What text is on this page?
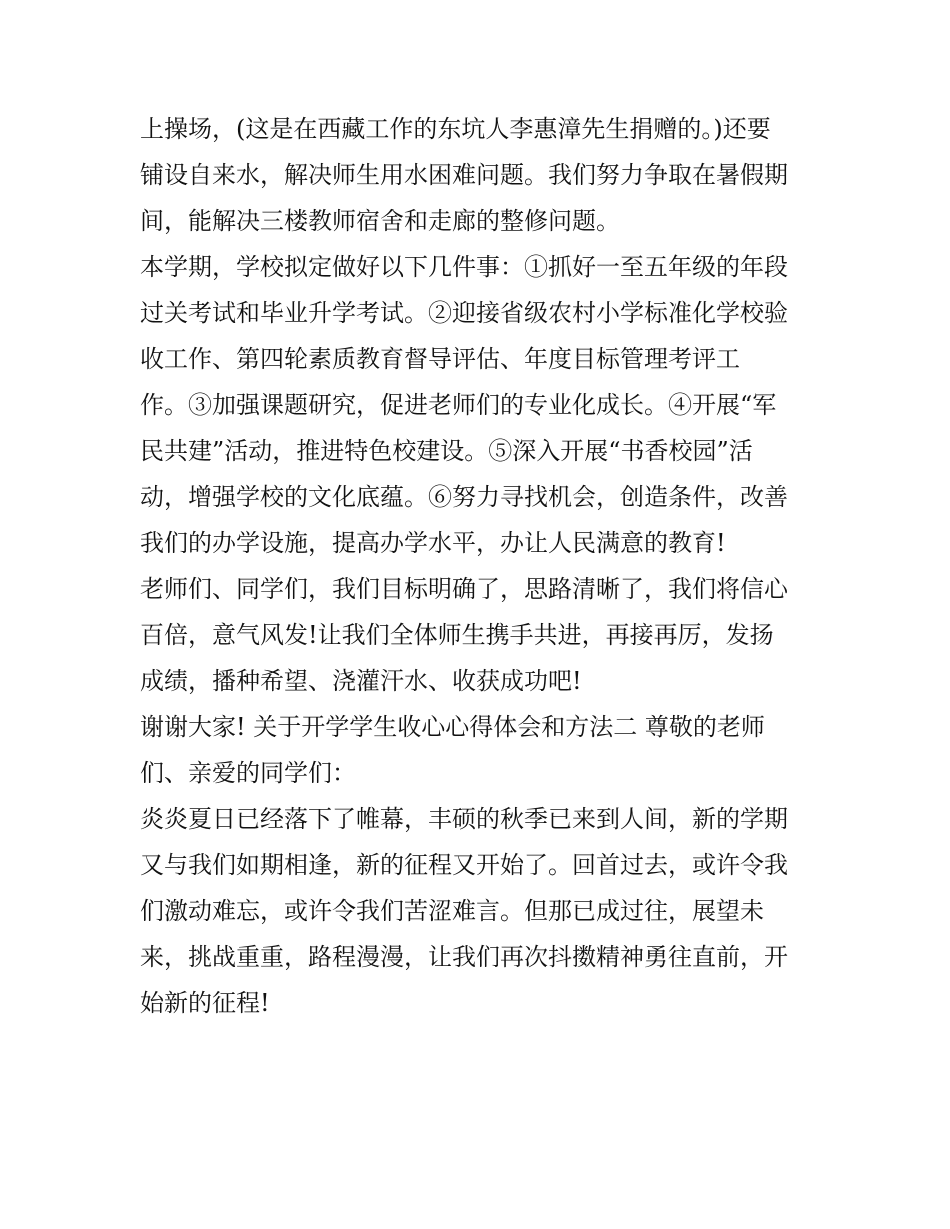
上操场，(这是在西藏工作的东坑人李惠漳先生捐赠的。)还要
铺设自来水，解决师生用水困难问题。我们努力争取在暑假期
间，能解决三楼教师宿舍和走廊的整修问题。
本学期，学校拟定做好以下几件事：①抓好一至五年级的年段
过关考试和毕业升学考试。②迎接省级农村小学标准化学校验
收工作、第四轮素质教育督导评估、年度目标管理考评工
作。③加强课题研究，促进老师们的专业化成长。④开展“军
民共建”活动，推进特色校建设。⑤深入开展“书香校园”活
动，增强学校的文化底蕴。⑥努力寻找机会，创造条件，改善
我们的办学设施，提高办学水平，办让人民满意的教育!
老师们、同学们，我们目标明确了，思路清晰了，我们将信心
百倍，意气风发!让我们全体师生携手共进，再接再厉，发扬
成绩，播种希望、浇灌汗水、收获成功吧!
谢谢大家! 关于开学学生收心心得体会和方法二 尊敬的老师
们、亲爱的同学们：
炎炎夏日已经落下了帷幕，丰硕的秋季已来到人间，新的学期
又与我们如期相逢，新的征程又开始了。回首过去，或许令我
们激动难忘，或许令我们苦涩难言。但那已成过往，展望未
来，挑战重重，路程漫漫，让我们再次抖擞精神勇往直前，开
始新的征程!
